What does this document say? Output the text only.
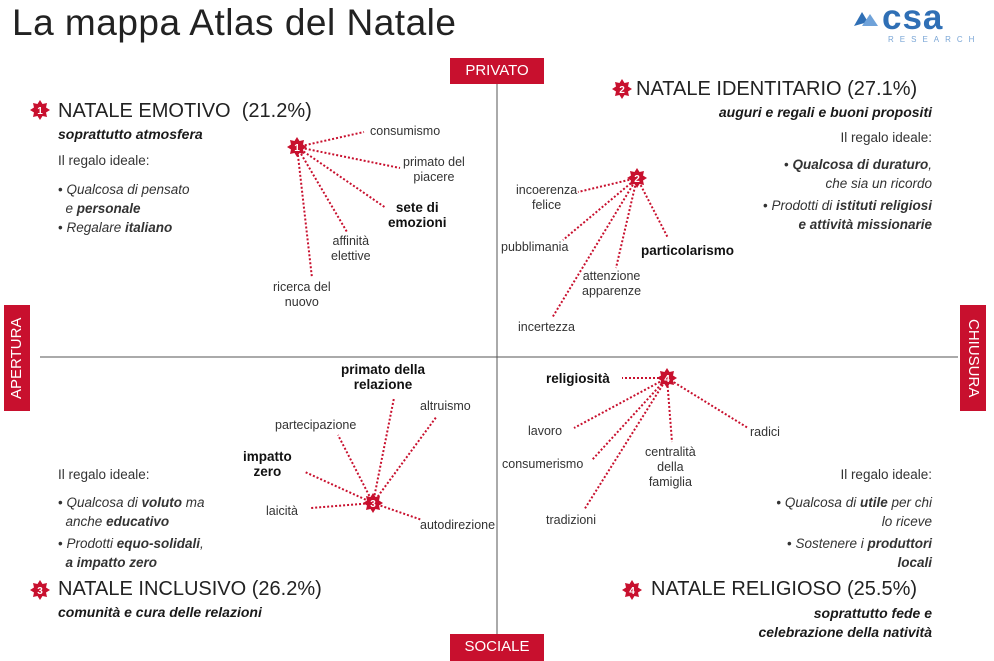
La mappa Atlas del Natale	csa
RESEARCH
PRIVATO
SOCIALE
APERTURA	CHIUSURA
1 NATALE EMOTIVO (21.2%)
soprattutto atmosfera
Il regalo ideale:
• Qualcosa di pensato
e personale
• Regalare italiano
1
consumismo
primato del
piacere
sete di
emozioni
affinità
elettive
ricerca del
nuovo
2 NATALE IDENTITARIO (27.1%)
auguri e regali e buoni propositi
Il regalo ideale:
• Qualcosa di duraturo,
che sia un ricordo
• Prodotti di istituti religiosi
e attività missionarie
2
incoerenza
felice
pubblimania	particolarismo
attenzione
apparenze
incertezza
Il regalo ideale:
• Qualcosa di voluto ma
anche educativo
• Prodotti equo-solidali,
a impatto zero
3 NATALE INCLUSIVO (26.2%)
comunità e cura delle relazioni
3
primato della
relazione
altruismo
partecipazione
impatto
zero
laicità
autodirezione
Il regalo ideale:
• Qualcosa di utile per chi
lo riceve
• Sostenere i produttori
locali
4 NATALE RELIGIOSO (25.5%)
soprattutto fede e
celebrazione della natività
4
religiosità
lavoro	radici
consumerismo
centralità
della
famiglia
tradizioni
